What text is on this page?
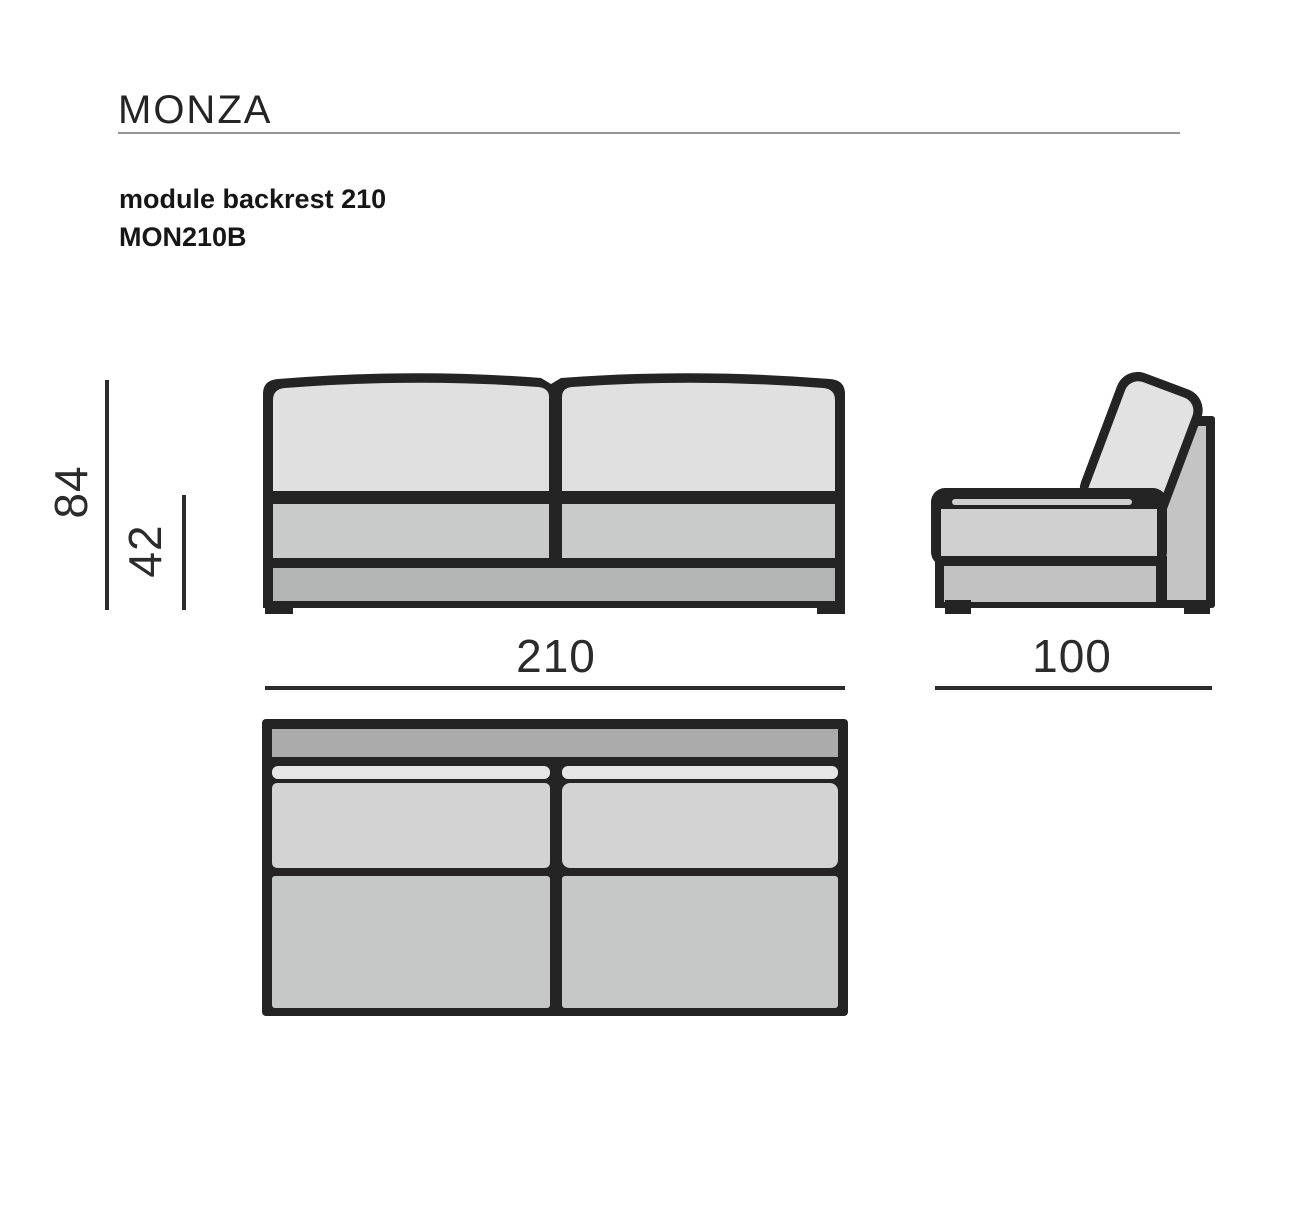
MONZA
module backrest 210
MON210B
84
42
210	100
